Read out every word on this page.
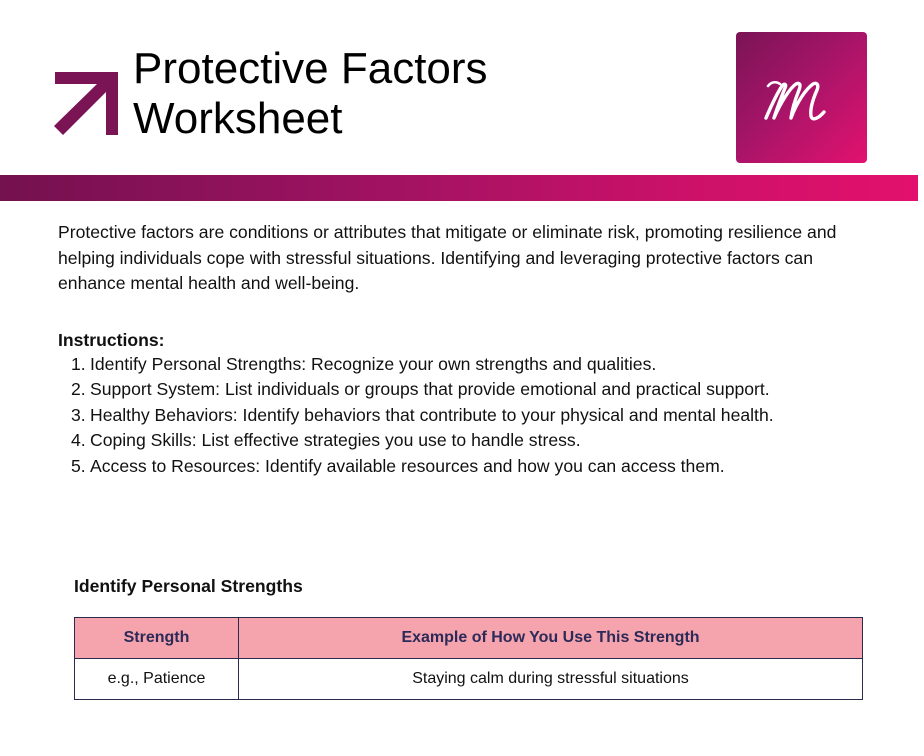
Protective Factors
Worksheet

Protective factors are conditions or attributes that mitigate or eliminate risk, promoting resilience and helping individuals cope with stressful situations. Identifying and leveraging protective factors can enhance mental health and well-being.

Instructions:
1. Identify Personal Strengths: Recognize your own strengths and qualities.
2. Support System: List individuals or groups that provide emotional and practical support.
3. Healthy Behaviors: Identify behaviors that contribute to your physical and mental health.
4. Coping Skills: List effective strategies you use to handle stress.
5. Access to Resources: Identify available resources and how you can access them.
Identify Personal Strengths
Strength	Example of How You Use This Strength
e.g., Patience	Staying calm during stressful situations
